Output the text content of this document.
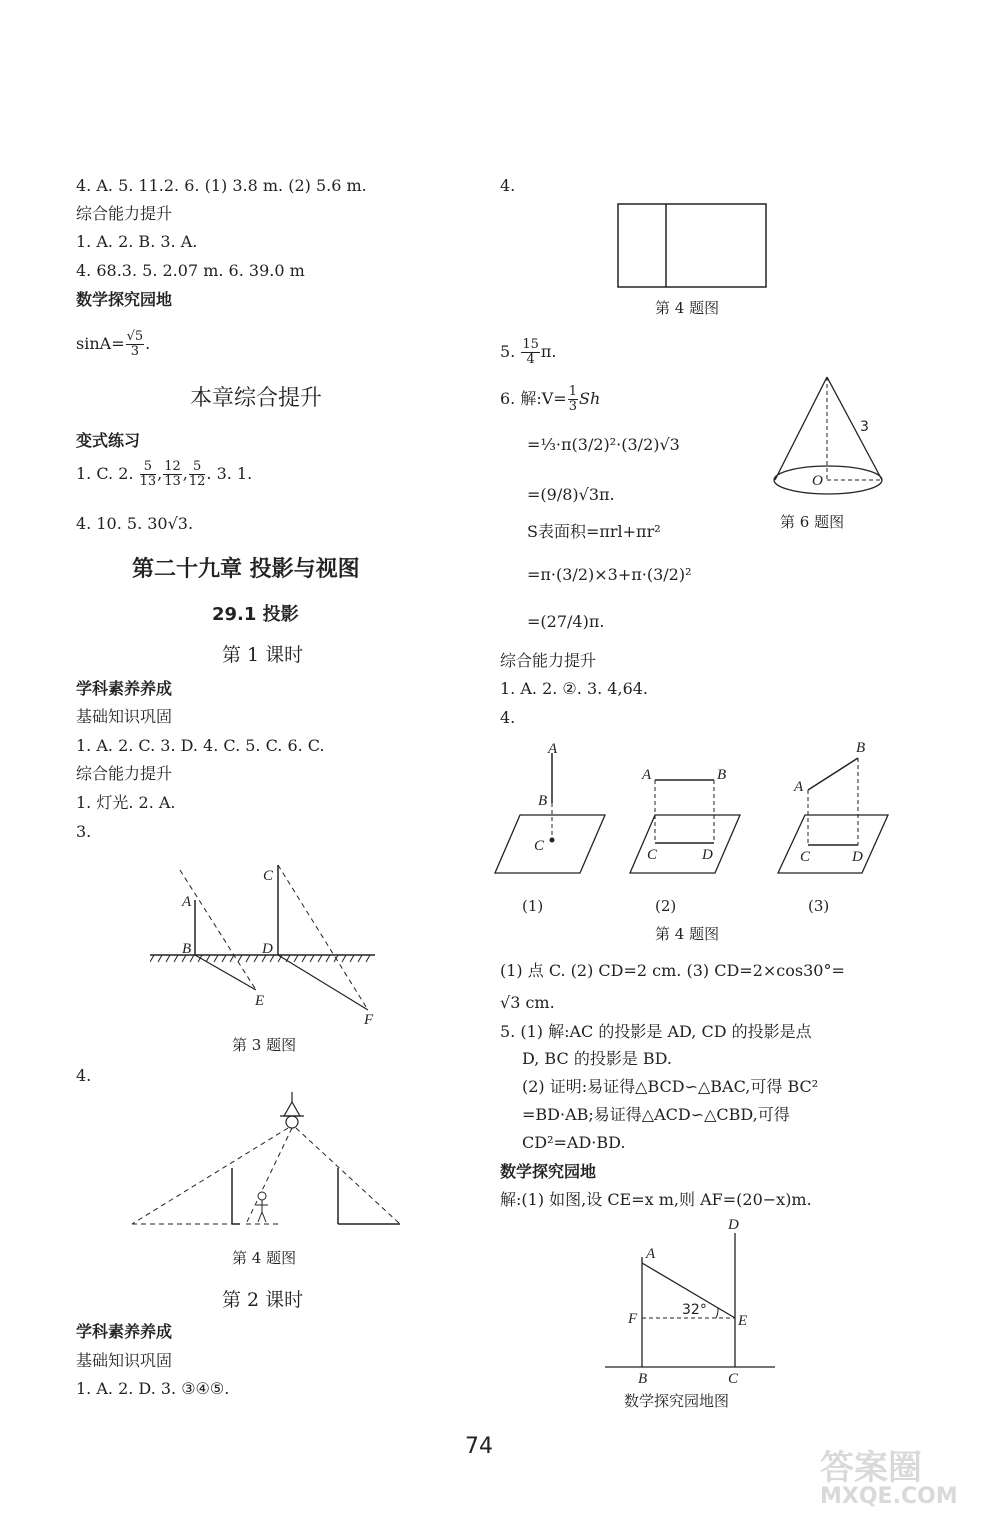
4. A. 5. 11.2. 6. (1) 3.8 m. (2) 5.6 m.
综合能力提升
1. A. 2. B. 3. A.
4. 68.3. 5. 2.07 m. 6. 39.0 m
数学探究园地
$\sin A= \frac{√5}{3}$ .
本章综合提升
变式练习
1. C. 2. $\frac{5}{13}$ , $\frac{12}{13}$ , $\frac{5}{12}$ . 3. 1.
4. 10. 5. 30√3.
第二十九章 投影与视图
29.1 投影
第 1 课时
学科素养养成
基础知识巩固
1. A. 2. C. 3. D. 4. C. 5. C. 6. C.
综合能力提升
1. 灯光. 2. A.
3.
A
B
C
D
E
F
第 3 题图
4.
第 4 题图
第 2 课时
学科素养养成
基础知识巩固
1. A. 2. D. 3. ③④⑤.
4.
第 4 题图
5. $\frac{15}{4} \pi$.
6. 解:V= $\frac{1}{3}$ Sh
=⅓·π(3/2)²·(3/2)√3
=(9/8)√3π.
S表面积=πrl+πr²
=π·(3/2)×3+π·(3/2)²
=(27/4)π.
3
O
第 6 题图
综合能力提升
1. A. 2. ②. 3. 4,64.
4.
A
B
C
A	B
C	D
A
B
C	D
(1)	(2)	(3)
第 4 题图
(1) 点 C. (2) CD=2 cm. (3) CD=2×cos30°=
√3 cm.
5. (1) 解:AC 的投影是 AD, CD 的投影是点
D, BC 的投影是 BD.
(2) 证明:易证得△BCD∽△BAC,可得 BC²
=BD·AB;易证得△ACD∽△CBD,可得
CD²=AD·BD.
数学探究园地
解:(1) 如图,设 CE=x m,则 AF=(20−x)m.
A
D
F	E
B	C
32°
数学探究园地图
74
答案圈
MXQE.COM
